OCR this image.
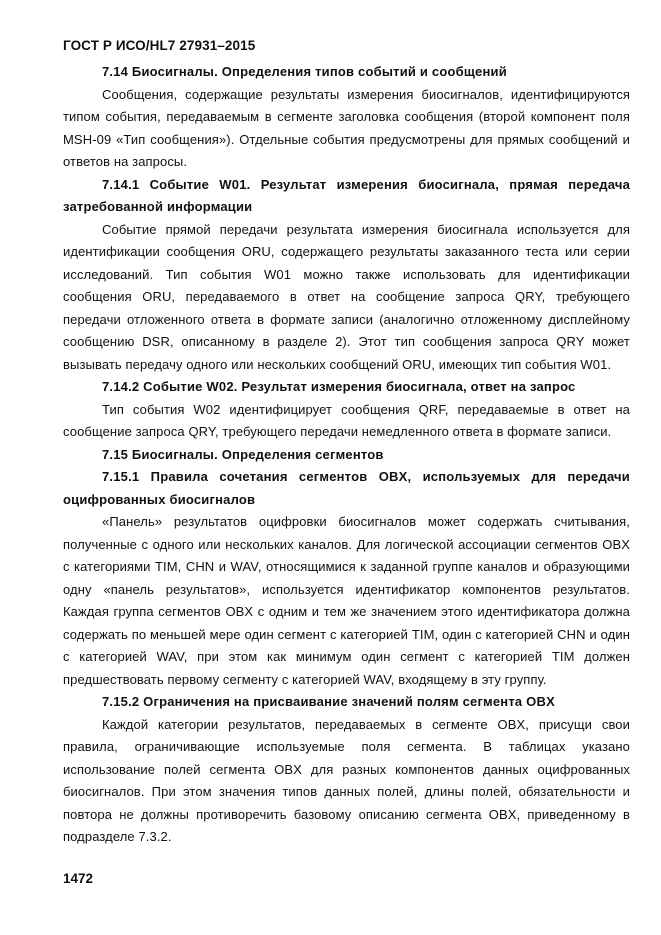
ГОСТ Р ИСО/HL7 27931–2015

7.14 Биосигналы. Определения типов событий и сообщений

Сообщения, содержащие результаты измерения биосигналов, идентифицируются типом события, передаваемым в сегменте заголовка сообщения (второй компонент поля MSH-09 «Тип сообщения»). Отдельные события предусмотрены для прямых сообщений и ответов на запросы.

7.14.1 Событие W01. Результат измерения биосигнала, прямая передача затребованной информации

Событие прямой передачи результата измерения биосигнала используется для идентификации сообщения ORU, содержащего результаты заказанного теста или серии исследований. Тип события W01 можно также использовать для идентификации сообщения ORU, передаваемого в ответ на сообщение запроса QRY, требующего передачи отложенного ответа в формате записи (аналогично отложенному дисплейному сообщению DSR, описанному в разделе 2). Этот тип сообщения запроса QRY может вызывать передачу одного или нескольких сообщений ORU, имеющих тип события W01.

7.14.2 Событие W02. Результат измерения биосигнала, ответ на запрос

Тип события W02 идентифицирует сообщения QRF, передаваемые в ответ на сообщение запроса QRY, требующего передачи немедленного ответа в формате записи.

7.15 Биосигналы. Определения сегментов

7.15.1 Правила сочетания сегментов OBX, используемых для передачи оцифрованных биосигналов

«Панель» результатов оцифровки биосигналов может содержать считывания, полученные с одного или нескольких каналов. Для логической ассоциации сегментов OBX с категориями TIM, CHN и WAV, относящимися к заданной группе каналов и образующими одну «панель результатов», используется идентификатор компонентов результатов. Каждая группа сегментов OBX с одним и тем же значением этого идентификатора должна содержать по меньшей мере один сегмент с категорией TIM, один с категорией CHN и один с категорией WAV, при этом как минимум один сегмент с категорией TIM должен предшествовать первому сегменту с категорией WAV, входящему в эту группу.

7.15.2 Ограничения на присваивание значений полям сегмента OBX

Каждой категории результатов, передаваемых в сегменте OBX, присущи свои правила, ограничивающие используемые поля сегмента. В таблицах указано использование полей сегмента OBX для разных компонентов данных оцифрованных биосигналов. При этом значения типов данных полей, длины полей, обязательности и повтора не должны противоречить базовому описанию сегмента OBX, приведенному в подразделе 7.3.2.

1472
